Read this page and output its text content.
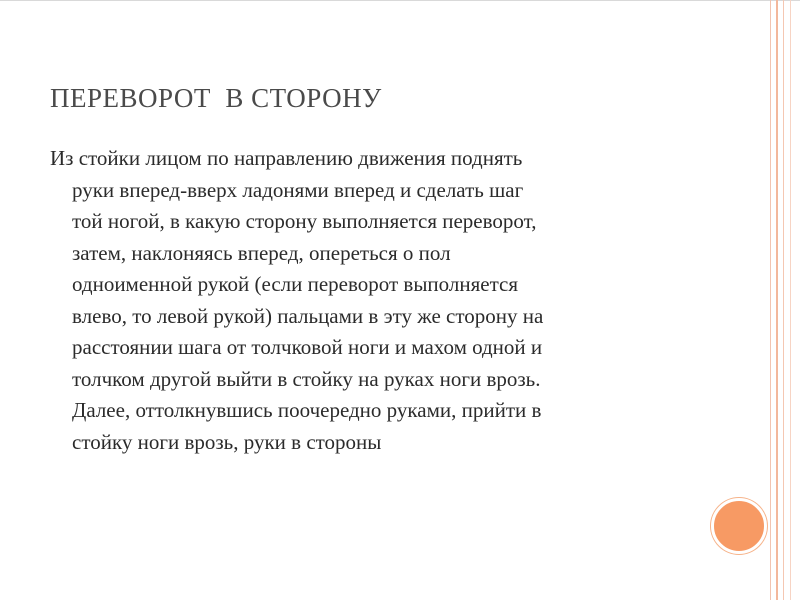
ПЕРЕВОРОТ  В СТОРОНУ
Из стойки лицом по направлению движения поднять
руки вперед-вверх ладонями вперед и сделать шаг
той ногой, в какую сторону выполняется переворот,
затем, наклоняясь вперед, опереться о пол
одноименной рукой (если переворот выполняется
влево, то левой рукой) пальцами в эту же сторону на
расстоянии шага от толчковой ноги и махом одной и
толчком другой выйти в стойку на руках ноги врозь.
Далее, оттолкнувшись поочередно руками, прийти в
стойку ноги врозь, руки в стороны
